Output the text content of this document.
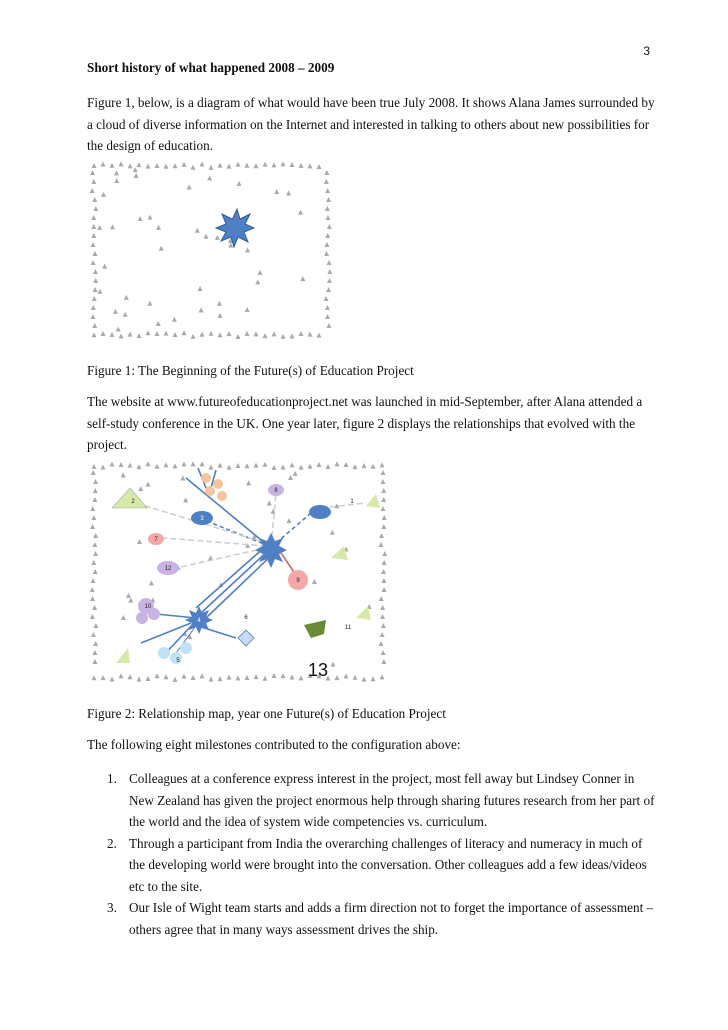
3
Short history of what happened 2008 – 2009
Figure 1, below, is a diagram of what would have been true July 2008. It shows Alana James surrounded by a cloud of diverse information on the Internet and interested in talking to others about new possibilities for the design of education.
Figure 1: The Beginning of the Future(s) of Education Project
The website at www.futureofeducationproject.net was launched in mid-September, after Alana attended a self-study conference in the UK. One year later, figure 2 displays the relationships that evolved with the project.
1
2
3
4
5
6
7
8
9
10
11
12
13
Figure 2: Relationship map, year one Future(s) of Education Project
The following eight milestones contributed to the configuration above:
1. Colleagues at a conference express interest in the project, most fell away but Lindsey Conner in New Zealand has given the project enormous help through sharing futures research from her part of the world and the idea of system wide competencies vs. curriculum.
2. Through a participant from India the overarching challenges of literacy and numeracy in much of the developing world were brought into the conversation. Other colleagues add a few ideas/videos etc to the site.
3. Our Isle of Wight team starts and adds a firm direction not to forget the importance of assessment – others agree that in many ways assessment drives the ship.
